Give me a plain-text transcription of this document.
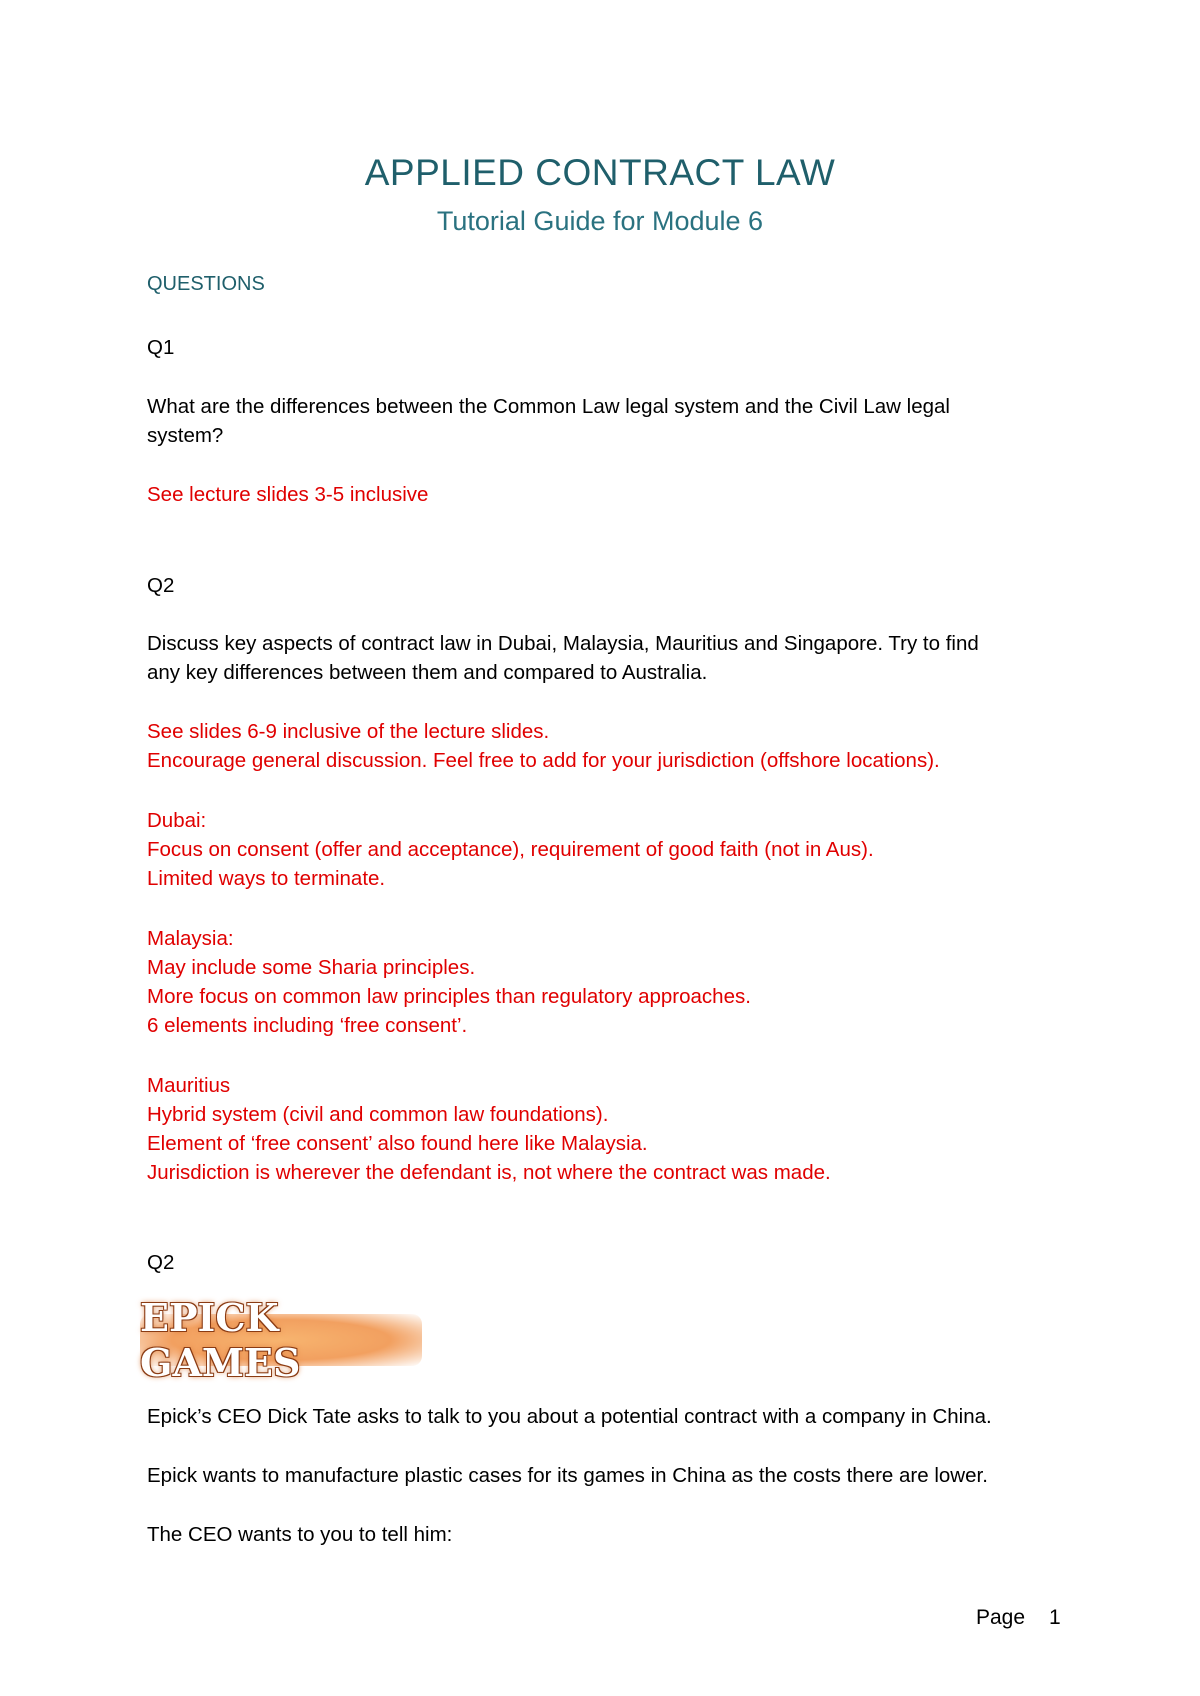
APPLIED CONTRACT LAW
Tutorial Guide for Module 6
QUESTIONS
Q1
What are the differences between the Common Law legal system and the Civil Law legal
system?
See lecture slides 3-5 inclusive
Q2
Discuss key aspects of contract law in Dubai, Malaysia, Mauritius and Singapore. Try to find
any key differences between them and compared to Australia.
See slides 6-9 inclusive of the lecture slides.
Encourage general discussion. Feel free to add for your jurisdiction (offshore locations).
Dubai:
Focus on consent (offer and acceptance), requirement of good faith (not in Aus).
Limited ways to terminate.
Malaysia:
May include some Sharia principles.
More focus on common law principles than regulatory approaches.
6 elements including ‘free consent’.
Mauritius
Hybrid system (civil and common law foundations).
Element of ‘free consent’ also found here like Malaysia.
Jurisdiction is wherever the defendant is, not where the contract was made.
Q2
EPICK GAMES
Epick’s CEO Dick Tate asks to talk to you about a potential contract with a company in China.
Epick wants to manufacture plastic cases for its games in China as the costs there are lower.
The CEO wants to you to tell him:
Page 1
